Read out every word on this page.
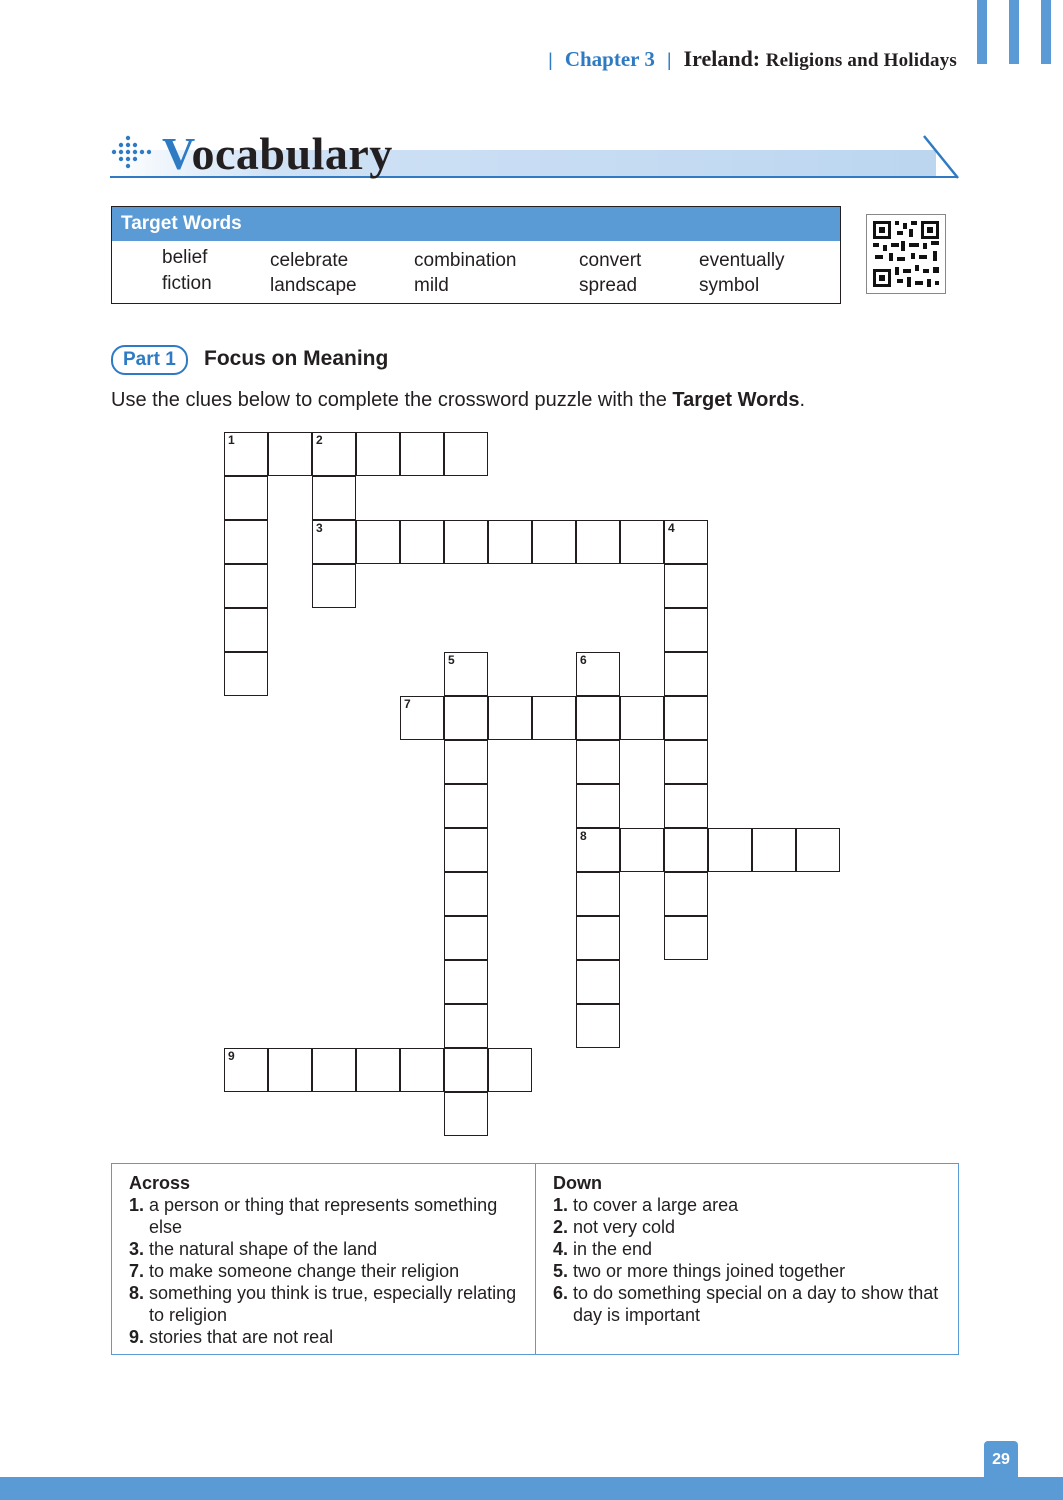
| Chapter 3 | Ireland: Religions and Holidays
Vocabulary
Target Words
belief	celebrate	combination	convert	eventually
fiction	landscape	mild	spread	symbol
Part 1	Focus on Meaning
Use the clues below to complete the crossword puzzle with the Target Words.
1	2
3	4
5	6
7
8
9
Across
1. a person or thing that represents something else
3. the natural shape of the land
7. to make someone change their religion
8. something you think is true, especially relating to religion
9. stories that are not real
Down
1. to cover a large area
2. not very cold
4. in the end
5. two or more things joined together
6. to do something special on a day to show that day is important
29
